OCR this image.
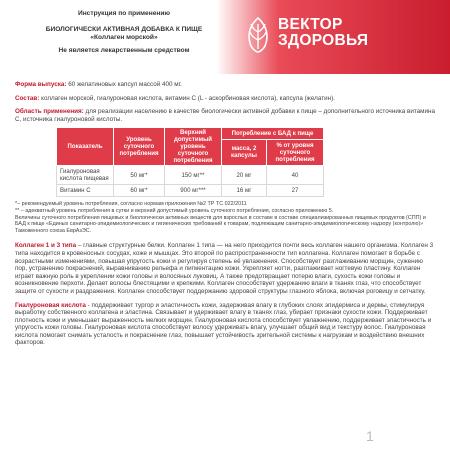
Инструкция по применению
БИОЛОГИЧЕСКИ АКТИВНАЯ ДОБАВКА К ПИЩЕ
«Коллаген морской»
Не является лекарственным средством
ВЕКТОР
ЗДОРОВЬЯ

Форма выпуска: 60 желатиновых капсул массой 400 мг.

Состав: коллаген морской, гиалуроновая кислота, витамин C (L - аскорбиновая кислота), капсула (желатин).

Область применения: для реализации населению в качестве биологически активной добавки к пище – дополнительного источника витамина C, источника гиалуроновой кислоты.

Показатель	Уровень суточного потребления	Верхний допустимый уровень суточного потребления	Потребление с БАД к пище	
			масса, 2 капсулы	% от уровня суточного потребления
Гиалуроновая кислота пищевая	50 мг*	150 мг**	20 мг	40
Витамин C	60 мг*	900 мг***	16 мг	27
*– рекомендуемый уровень потребления, согласно нормам приложения №2 ТР ТС 022/2011
** – адекватный уровень потребления в сутки и верхний допустимый уровень суточного потребления, согласно приложению 5.
Величины суточного потребления пищевых и биологически активных веществ для взрослых в составе в составе специализированных пищевых продуктов (СПП) и БАД к пище «Единых санитарно-эпидемиологических и гигиенических требований к товарам, подлежащим санитарно-эпидемиологическому надзору (контролю)» Таможенного союза ЕврАзЭС.

Коллаген 1 и 3 типа – главные структурные белки. Коллаген 1 типа — на него приходится почти весь коллаген нашего организма. Коллаген 3 типа находится в кровеносных сосудах, коже и мышцах. Это второй по распространенности тип коллагена. Коллаген помогает в борьбе с возрастными изменениями, повышая упругость кожи и регулируя степень её увлажнения. Способствует разглаживанию морщин, сужению пор, устранению покраснений, выравниванию рельефа и пигментацию кожи. Укрепляет ногти, разглаживает ногтевую пластину. Коллаген играет важную роль в укреплении кожи головы и волосяных луковиц. А также предотвращает потерю влаги, сухость кожи головы и возникновение перхоти. Делает волосы блестящими и крепкими. Коллаген способствует удержанию влаги в тканях глаз, что способствует защите от сухости и раздражения. Коллаген способствует поддержанию здоровой структуры глазного яблока, включая роговицу и сетчатку.

Гиалуроновая кислота - поддерживает тургор и эластичность кожи, задерживая влагу в глубоких слоях эпидермиса и дермы, стимулируя выработку собственного коллагена и эластина. Связывает и удерживает влагу в тканях глаз, убирает признаки сухости кожи. Поддерживает плотность кожи и уменьшает выраженность мелких морщин. Гиалуроновая кислота способствует увлажнению, поддерживает эластичность и упругость кожи головы. Гиалуроновая кислота способствует волосу удерживать влагу, улучшает общий вид и текстуру волос. Гиалуроновая кислота помогает снимать усталость и покраснение глаз, повышает устойчивость зрительной системы к нагрузкам и воздействию внешних факторов.

1
